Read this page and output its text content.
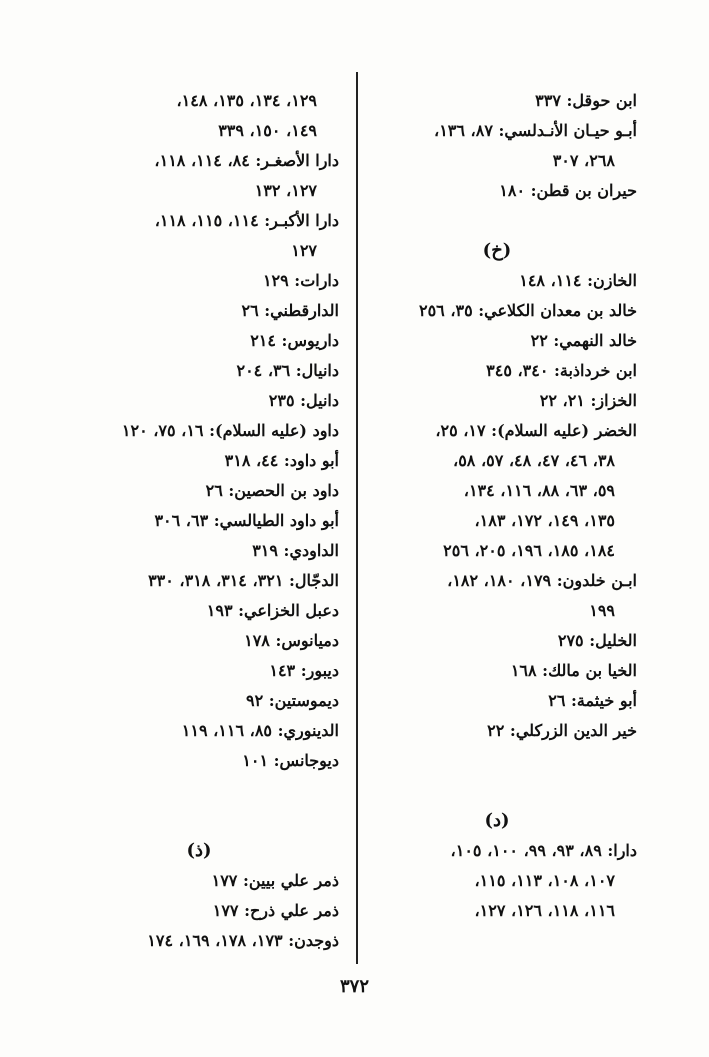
ابن حوقل: ٣٣٧
أبـو حيـان الأنـدلسي: ٨٧، ١٣٦،
٢٦٨، ٣٠٧
حيران بن قطن: ١٨٠
(خ)
الخازن: ١١٤، ١٤٨
خالد بن معدان الكلاعي: ٣٥، ٢٥٦
خالد النهمي: ٢٢
ابن خرداذبة: ٣٤٠، ٣٤٥
الخزاز: ٢١، ٢٢
الخضر (عليه السلام): ١٧، ٢٥،
٣٨، ٤٦، ٤٧، ٤٨، ٥٧، ٥٨،
٥٩، ٦٣، ٨٨، ١١٦، ١٣٤،
١٣٥، ١٤٩، ١٧٢، ١٨٣،
١٨٤، ١٨٥، ١٩٦، ٢٠٥، ٢٥٦
ابـن خلدون: ١٧٩، ١٨٠، ١٨٢،
١٩٩
الخليل: ٢٧٥
الخيا بن مالك: ١٦٨
أبو خيثمة: ٢٦
خير الدين الزركلي: ٢٢
(د)
دارا: ٨٩، ٩٣، ٩٩، ١٠٠، ١٠٥،
١٠٧، ١٠٨، ١١٣، ١١٥،
١١٦، ١١٨، ١٢٦، ١٢٧،
١٢٩، ١٣٤، ١٣٥، ١٤٨،
١٤٩، ١٥٠، ٣٣٩
دارا الأصغـر: ٨٤، ١١٤، ١١٨،
١٢٧، ١٣٢
دارا الأكبـر: ١١٤، ١١٥، ١١٨،
١٢٧
دارات: ١٢٩
الدارقطني: ٢٦
داريوس: ٢١٤
دانيال: ٣٦، ٢٠٤
دانيل: ٢٣٥
داود (عليه السلام): ١٦، ٧٥، ١٢٠
أبو داود: ٤٤، ٣١٨
داود بن الحصين: ٢٦
أبو داود الطيالسي: ٦٣، ٣٠٦
الداودي: ٣١٩
الدجّال: ٣٢١، ٣١٤، ٣١٨، ٣٣٠
دعبل الخزاعي: ١٩٣
دميانوس: ١٧٨
ديبور: ١٤٣
ديموستين: ٩٢
الدينوري: ٨٥، ١١٦، ١١٩
ديوجانس: ١٠١
(ذ)
ذمر علي بيين: ١٧٧
ذمر علي ذرح: ١٧٧
ذوجدن: ١٧٣، ١٧٨، ١٦٩، ١٧٤
٣٧٢
